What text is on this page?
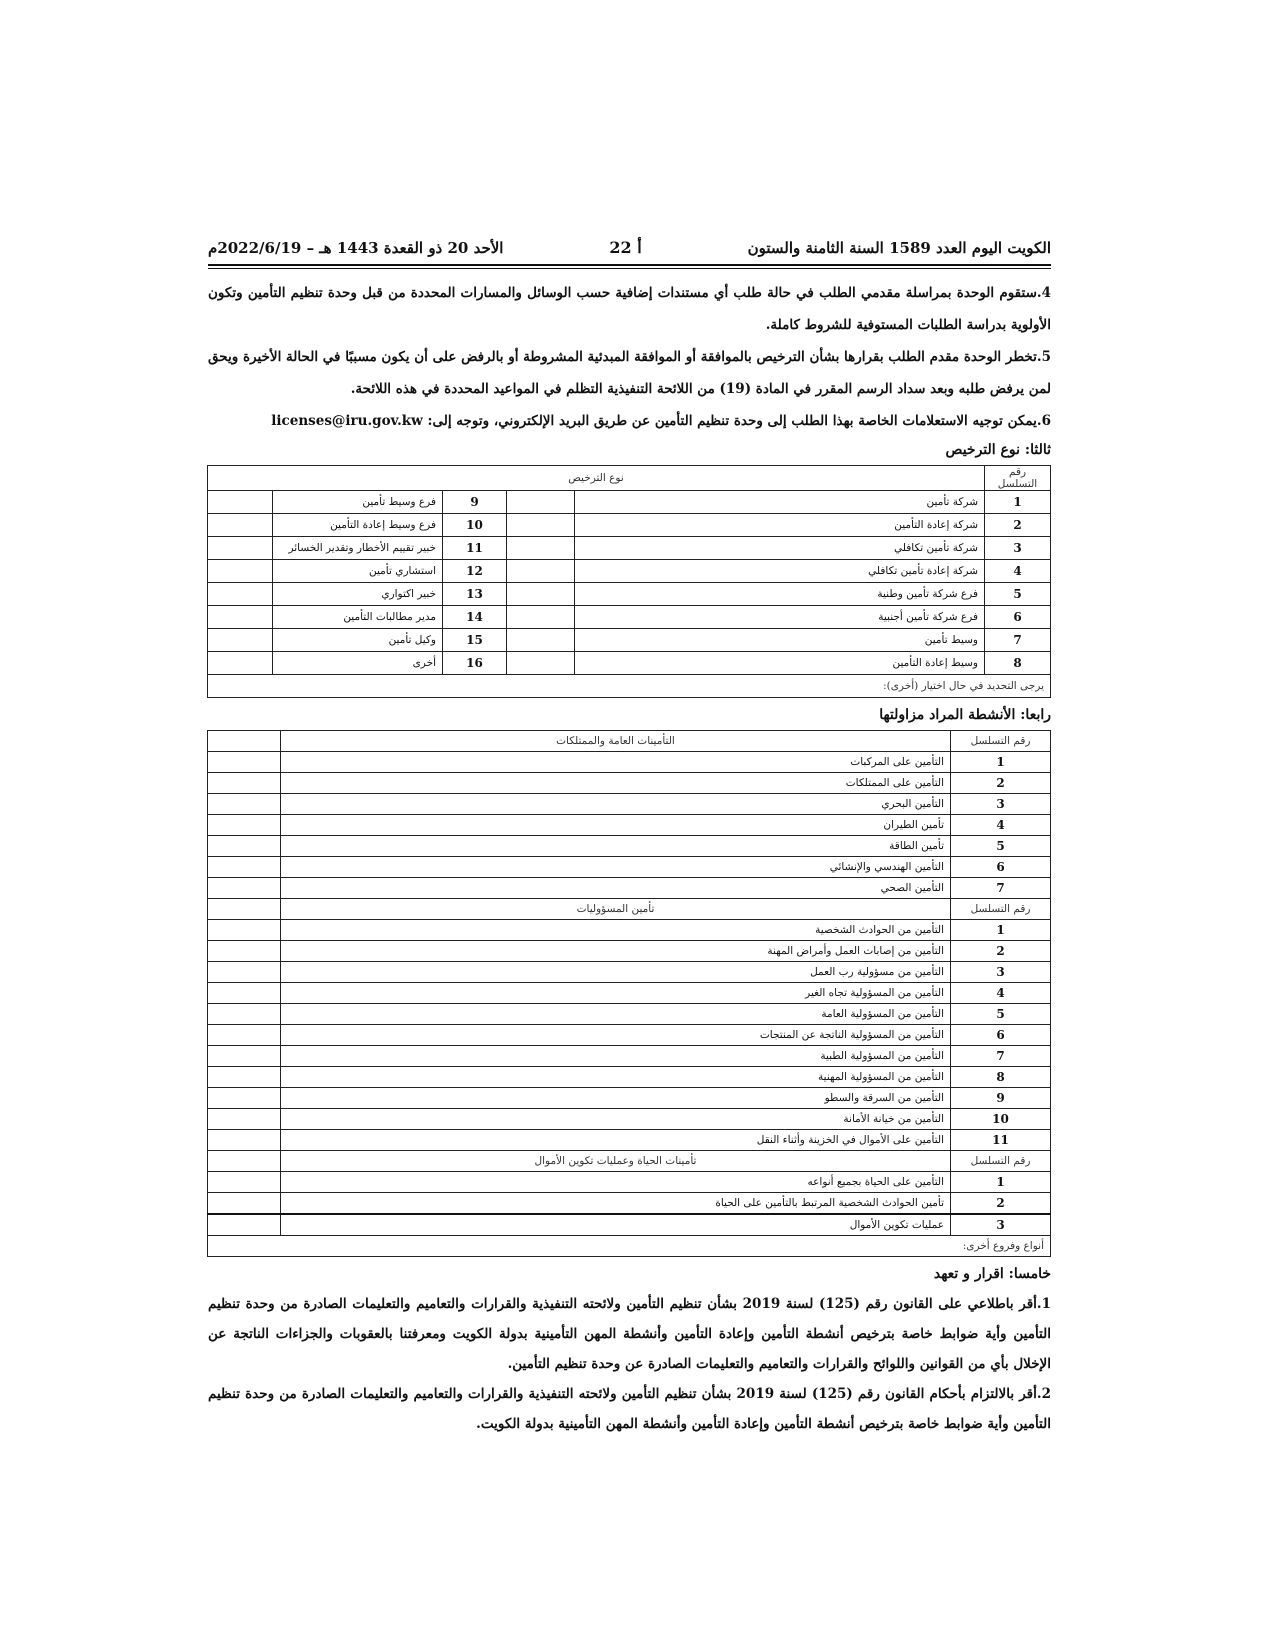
الكويت اليوم العدد 1589 السنة الثامنة والستون
أ 22
الأحد 20 ذو القعدة 1443 هـ – 2022/6/19م

4.ستقوم الوحدة بمراسلة مقدمي الطلب في حالة طلب أي مستندات إضافية حسب الوسائل والمسارات المحددة من قبل وحدة تنظيم التأمين وتكون الأولوية بدراسة الطلبات المستوفية للشروط كاملة.

5.تخطر الوحدة مقدم الطلب بقرارها بشأن الترخيص بالموافقة أو الموافقة المبدئية المشروطة أو بالرفض على أن يكون مسببًا في الحالة الأخيرة ويحق لمن يرفض طلبه وبعد سداد الرسم المقرر في المادة (19) من اللائحة التنفيذية التظلم في المواعيد المحددة في هذه اللائحة.

6.يمكن توجيه الاستعلامات الخاصة بهذا الطلب إلى وحدة تنظيم التأمين عن طريق البريد الإلكتروني، وتوجه إلى: licenses@iru.gov.kw

ثالثا: نوع الترخيص
رقم التسلسل	نوع الترخيص				
1	شركة تأمين		9	فرع وسيط تأمين	
2	شركة إعادة التأمين		10	فرع وسيط إعادة التأمين	
3	شركة تأمين تكافلي		11	خبير تقييم الأخطار وتقدير الخسائر	
4	شركة إعادة تأمين تكافلي		12	استشاري تأمين	
5	فرع شركة تأمين وطنية		13	خبير اكتواري	
6	فرع شركة تأمين أجنبية		14	مدير مطالبات التأمين	
7	وسيط تأمين		15	وكيل تأمين	
8	وسيط إعادة التأمين		16	أخرى	
يرجى التحديد في حال اختيار (أخرى):					
رابعا: الأنشطة المراد مزاولتها
رقم التسلسل	التأمينات العامة والممتلكات	
1	التأمين على المركبات	
2	التأمين على الممتلكات	
3	التأمين البحري	
4	تأمين الطيران	
5	تأمين الطاقة	
6	التأمين الهندسي والإنشائي	
7	التأمين الصحي	
رقم التسلسل	تأمين المسؤوليات	
1	التأمين من الحوادث الشخصية	
2	التأمين من إصابات العمل وأمراض المهنة	
3	التأمين من مسؤولية رب العمل	
4	التأمين من المسؤولية تجاه الغير	
5	التأمين من المسؤولية العامة	
6	التأمين من المسؤولية الناتجة عن المنتجات	
7	التأمين من المسؤولية الطبية	
8	التأمين من المسؤولية المهنية	
9	التأمين من السرقة والسطو	
10	التأمين من خيانة الأمانة	
11	التأمين على الأموال في الخزينة وأثناء النقل	
رقم التسلسل	تأمينات الحياة وعمليات تكوين الأموال	
1	التأمين على الحياة بجميع أنواعه	
2	تأمين الحوادث الشخصية المرتبط بالتأمين على الحياة	
3	عمليات تكوين الأموال	
أنواع وفروع أخرى:		
خامسا: اقرار و تعهد

1.أقر باطلاعي على القانون رقم (125) لسنة 2019 بشأن تنظيم التأمين ولائحته التنفيذية والقرارات والتعاميم والتعليمات الصادرة من وحدة تنظيم التأمين وأية ضوابط خاصة بترخيص أنشطة التأمين وإعادة التأمين وأنشطة المهن التأمينية بدولة الكويت ومعرفتنا بالعقوبات والجزاءات الناتجة عن الإخلال بأي من القوانين واللوائح والقرارات والتعاميم والتعليمات الصادرة عن وحدة تنظيم التأمين.

2.أقر بالالتزام بأحكام القانون رقم (125) لسنة 2019 بشأن تنظيم التأمين ولائحته التنفيذية والقرارات والتعاميم والتعليمات الصادرة من وحدة تنظيم التأمين وأية ضوابط خاصة بترخيص أنشطة التأمين وإعادة التأمين وأنشطة المهن التأمينية بدولة الكويت.
